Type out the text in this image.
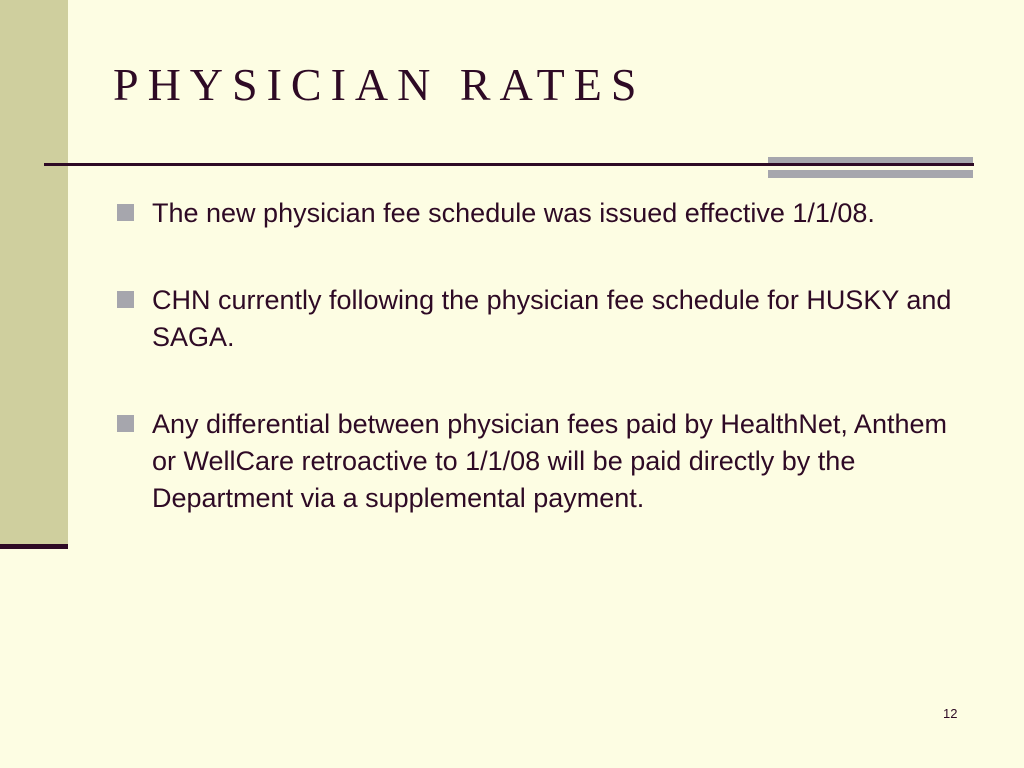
PHYSICIAN RATES
The new physician fee schedule was issued effective 1/1/08.
CHN currently following the physician fee schedule for HUSKY and SAGA.
Any differential between physician fees paid by HealthNet, Anthem or WellCare retroactive to 1/1/08 will be paid directly by the Department via a supplemental payment.
12
